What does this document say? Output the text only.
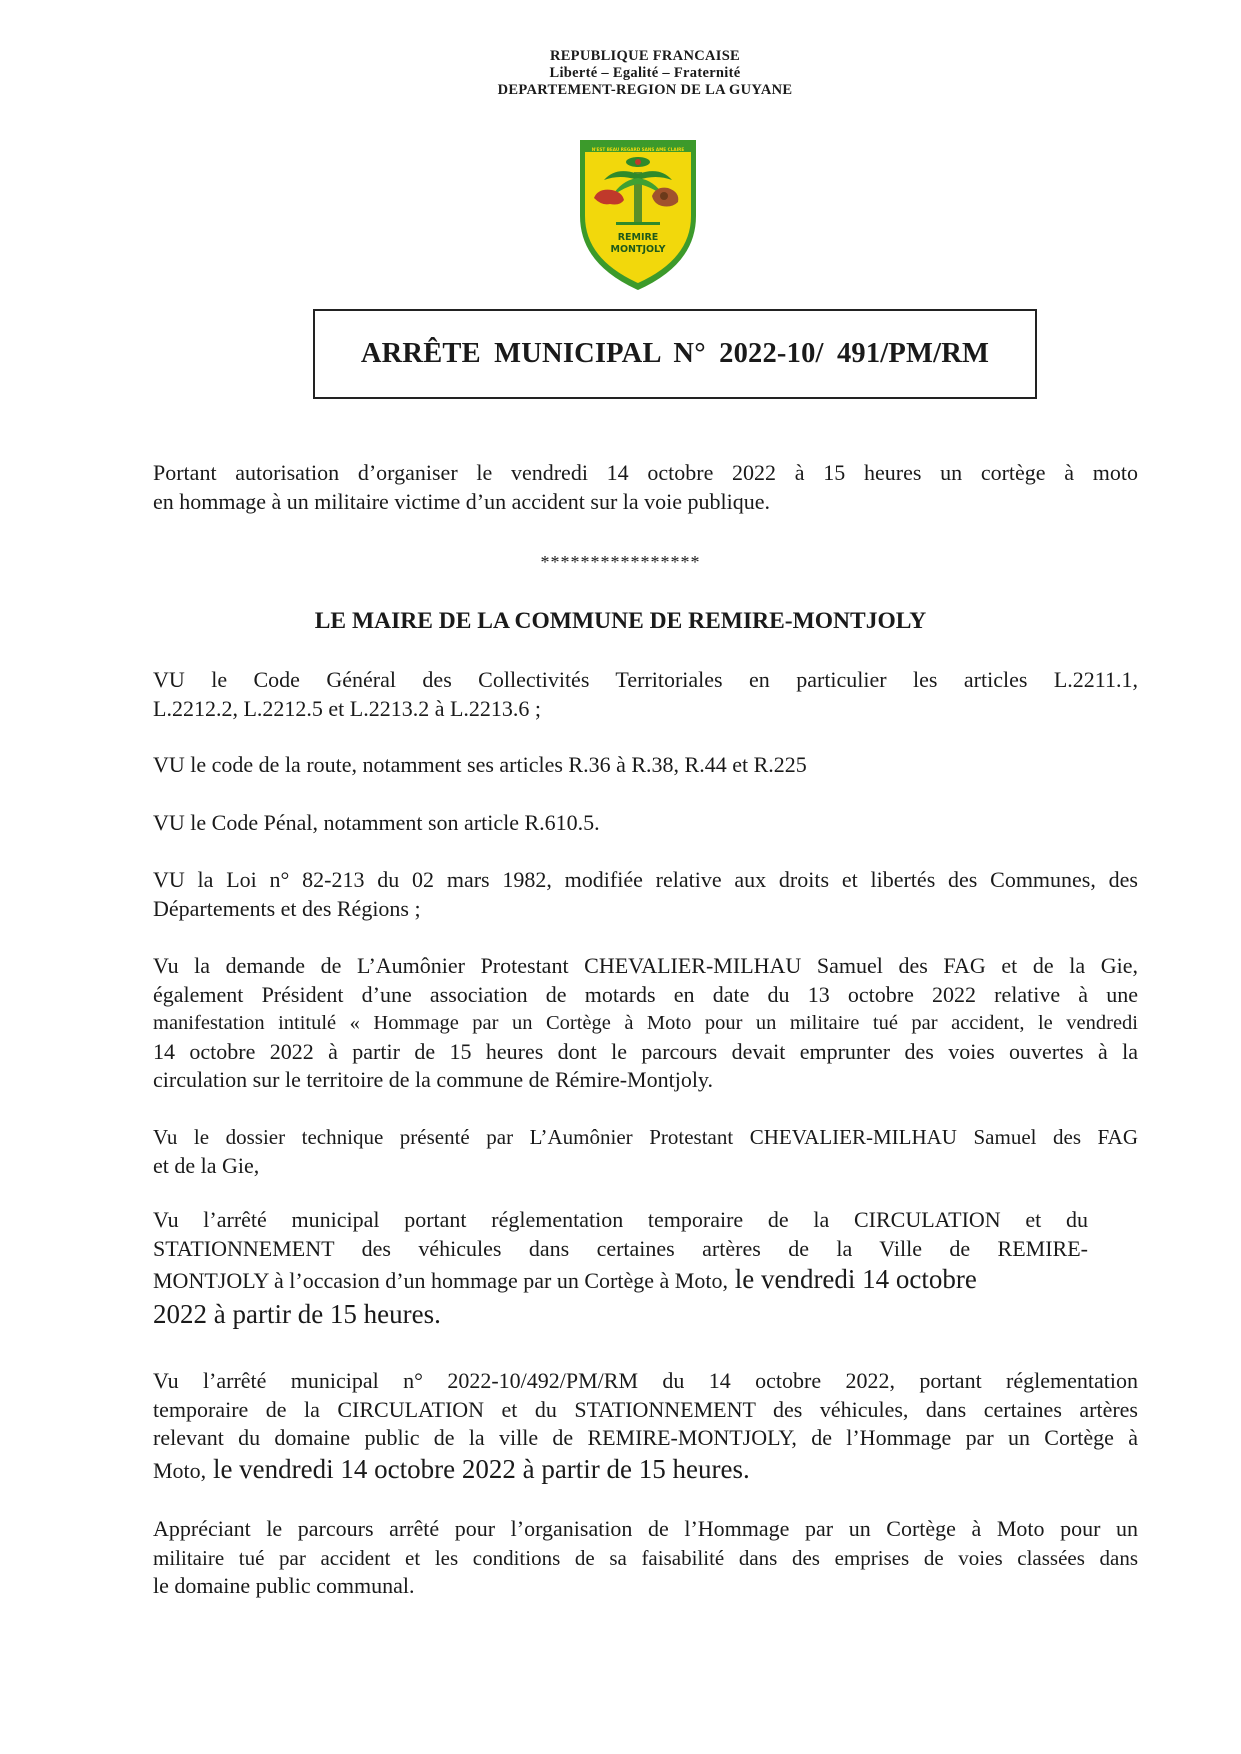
REPUBLIQUE FRANCAISE
Liberté – Egalité – Fraternité
DEPARTEMENT-REGION DE LA GUYANE
N'EST BEAU REGARD SANS AME CLAIRE
REMIRE
MONTJOLY
ARRÊTE MUNICIPAL N° 2022-10/ 491/PM/RM
Portant autorisation d’organiser le vendredi 14 octobre 2022 à 15 heures un cortège à moto
en hommage à un militaire victime d’un accident sur la voie publique.
****************
LE MAIRE DE LA COMMUNE DE REMIRE-MONTJOLY
VU le Code Général des Collectivités Territoriales en particulier les articles L.2211.1,
L.2212.2, L.2212.5 et L.2213.2 à L.2213.6 ;
VU le code de la route, notamment ses articles R.36 à R.38, R.44 et R.225
VU le Code Pénal, notamment son article R.610.5.
VU la Loi n° 82-213 du 02 mars 1982, modifiée relative aux droits et libertés des Communes, des
Départements et des Régions ;
Vu la demande de L’Aumônier Protestant CHEVALIER-MILHAU Samuel des FAG et de la Gie,
également Président d’une association de motards en date du 13 octobre 2022 relative à une
manifestation intitulé « Hommage par un Cortège à Moto pour un militaire tué par accident, le vendredi
14 octobre 2022 à partir de 15 heures dont le parcours devait emprunter des voies ouvertes à la
circulation sur le territoire de la commune de Rémire-Montjoly.
Vu le dossier technique présenté par L’Aumônier Protestant CHEVALIER-MILHAU Samuel des FAG
et de la Gie,
Vu l’arrêté municipal portant réglementation temporaire de la CIRCULATION et du
STATIONNEMENT des véhicules dans certaines artères de la Ville de REMIRE-
MONTJOLY à l’occasion d’un hommage par un Cortège à Moto, le vendredi 14 octobre
2022 à partir de 15 heures.
Vu l’arrêté municipal n° 2022-10/492/PM/RM du 14 octobre 2022, portant réglementation
temporaire de la CIRCULATION et du STATIONNEMENT des véhicules, dans certaines artères
relevant du domaine public de la ville de REMIRE-MONTJOLY, de l’Hommage par un Cortège à
Moto, le vendredi 14 octobre 2022 à partir de 15 heures.
Appréciant le parcours arrêté pour l’organisation de l’Hommage par un Cortège à Moto pour un
militaire tué par accident et les conditions de sa faisabilité dans des emprises de voies classées dans
le domaine public communal.
